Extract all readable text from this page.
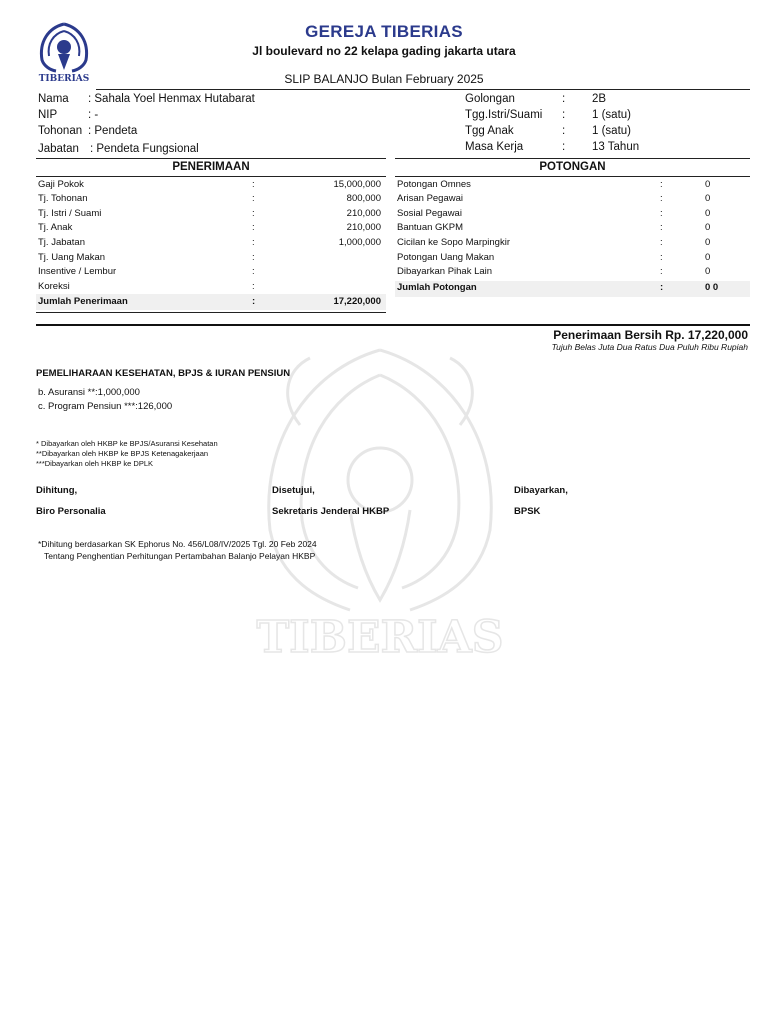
TIBERIAS
TIBERIAS
GEREJA TIBERIAS
Jl boulevard no 22 kelapa gading jakarta utara
SLIP BALANJO Bulan February 2025
Nama : Sahala Yoel Henmax Hutabarat
NIP	: -
Tohonan : Pendeta
Jabatan : Pendeta Fungsional
Golongan	: 2B
Tgg.Istri/Suami : 1 (satu)
Tgg Anak	: 1 (satu)
Masa Kerja	: 13 Tahun
PENERIMAAN	POTONGAN
Gaji Pokok	:	15,000,000
Tj. Tohonan	:	800,000
Tj. Istri / Suami	:	210,000
Tj. Anak	:	210,000
Tj. Jabatan	:	1,000,000
Tj. Uang Makan	:
Insentive / Lembur	:
Koreksi	:
Jumlah Penerimaan	:	17,220,000
Potongan Omnes	:	0
Arisan Pegawai	:	0
Sosial Pegawai	:	0
Bantuan GKPM	:	0
Cicilan ke Sopo Marpingkir	:	0
Potongan Uang Makan	:	0
Dibayarkan Pihak Lain	:	0
Jumlah Potongan	:	0 0
Penerimaan Bersih Rp. 17,220,000
Tujuh Belas Juta Dua Ratus Dua Puluh Ribu Rupiah
PEMELIHARAAN KESEHATAN, BPJS & IURAN PENSIUN
b. Asuransi **:1,000,000
c. Program Pensiun ***:126,000
* Dibayarkan oleh HKBP ke BPJS/Asuransi Kesehatan
**Dibayarkan oleh HKBP ke BPJS Ketenagakerjaan
***Dibayarkan oleh HKBP ke DPLK
Dihitung,	Disetujui,	Dibayarkan,
Biro Personalia	Sekretaris Jenderal HKBP	BPSK
*Dihitung berdasarkan SK Ephorus No. 456/L08/IV/2025 Tgl. 20 Feb 2024
Tentang Penghentian Perhitungan Pertambahan Balanjo Pelayan HKBP
